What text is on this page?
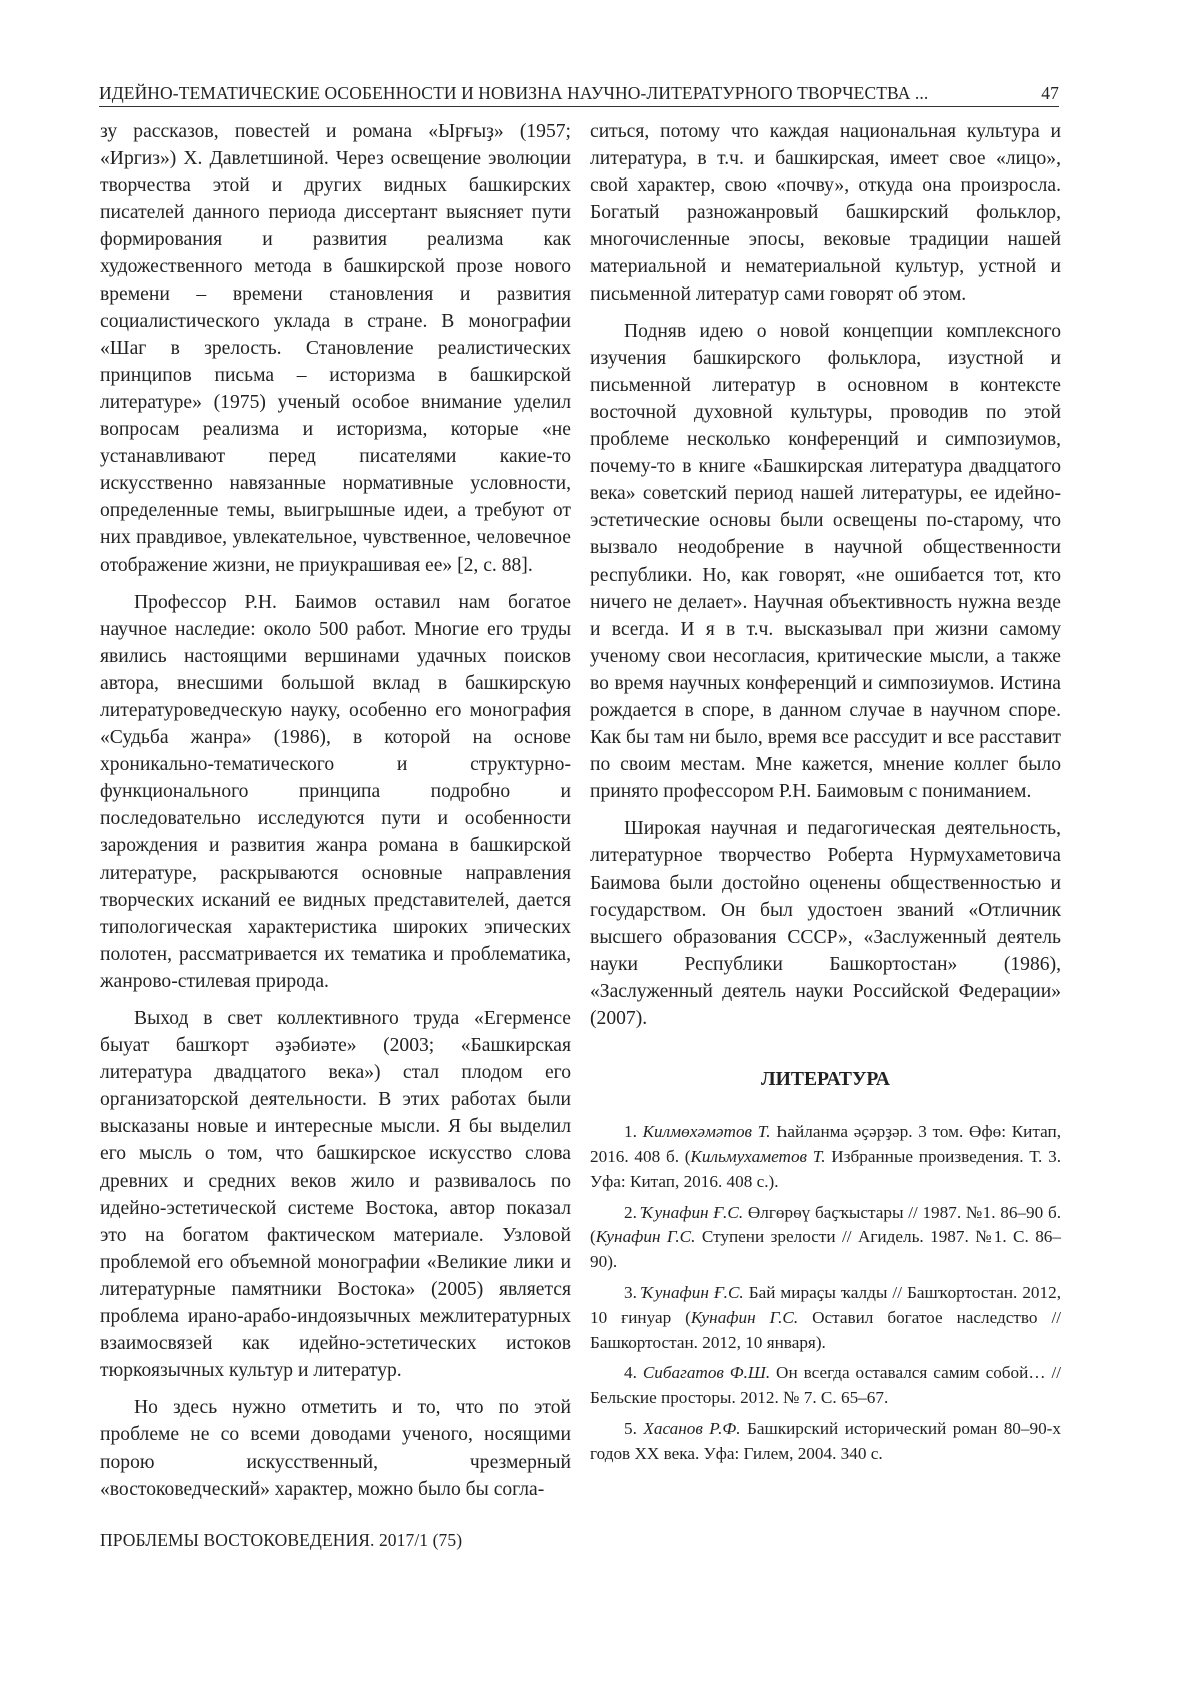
ИДЕЙНО-ТЕМАТИЧЕСКИЕ ОСОБЕННОСТИ И НОВИЗНА НАУЧНО-ЛИТЕРАТУРНОГО ТВОРЧЕСТВА ...	47

зу рассказов, повестей и романа «Ырғыҙ» (1957; «Иргиз») Х. Давлетшиной. Через освещение эволюции творчества этой и других видных башкирских писателей данного периода диссертант выясняет пути формирования и развития реализма как художественного метода в башкирской прозе нового времени – времени становления и развития социалистического уклада в стране. В монографии «Шаг в зрелость. Становление реалистических принципов письма – историзма в башкирской литературе» (1975) ученый особое внимание уделил вопросам реализма и историзма, которые «не устанавливают перед писателями какие-то искусственно навязанные нормативные условности, определенные темы, выигрышные идеи, а требуют от них правдивое, увлекательное, чувственное, человечное отображение жизни, не приукрашивая ее» [2, с. 88].

Профессор Р.Н. Баимов оставил нам богатое научное наследие: около 500 работ. Многие его труды явились настоящими вершинами удачных поисков автора, внесшими большой вклад в башкирскую литературоведческую науку, особенно его монография «Судьба жанра» (1986), в которой на основе хроникально-тематического и структурно-функционального принципа подробно и последовательно исследуются пути и особенности зарождения и развития жанра романа в башкирской литературе, раскрываются основные направления творческих исканий ее видных представителей, дается типологическая характеристика широких эпических полотен, рассматривается их тематика и проблематика, жанрово-стилевая природа.

Выход в свет коллективного труда «Егерменсе быуат башҡорт әҙәбиәте» (2003; «Башкирская литература двадцатого века») стал плодом его организаторской деятельности. В этих работах были высказаны новые и интересные мысли. Я бы выделил его мысль о том, что башкирское искусство слова древних и средних веков жило и развивалось по идейно-эстетической системе Востока, автор показал это на богатом фактическом материале. Узловой проблемой его объемной монографии «Великие лики и литературные памятники Востока» (2005) является проблема ирано-арабо-индоязычных межлитературных взаимосвязей как идейно-эстетических истоков тюркоязычных культур и литератур.

Но здесь нужно отметить и то, что по этой проблеме не со всеми доводами ученого, носящими порою искусственный, чрезмерный «востоковедческий» характер, можно было бы согла-

ситься, потому что каждая национальная культура и литература, в т.ч. и башкирская, имеет свое «лицо», свой характер, свою «почву», откуда она произросла. Богатый разножанровый башкирский фольклор, многочисленные эпосы, вековые традиции нашей материальной и нематериальной культур, устной и письменной литератур сами говорят об этом.

Подняв идею о новой концепции комплексного изучения башкирского фольклора, изустной и письменной литератур в основном в контексте восточной духовной культуры, проводив по этой проблеме несколько конференций и симпозиумов, почему-то в книге «Башкирская литература двадцатого века» советский период нашей литературы, ее идейно-эстетические основы были освещены по-старому, что вызвало неодобрение в научной общественности республики. Но, как говорят, «не ошибается тот, кто ничего не делает». Научная объективность нужна везде и всегда. И я в т.ч. высказывал при жизни самому ученому свои несогласия, критические мысли, а также во время научных конференций и симпозиумов. Истина рождается в споре, в данном случае в научном споре. Как бы там ни было, время все рассудит и все расставит по своим местам. Мне кажется, мнение коллег было принято профессором Р.Н. Баимовым с пониманием.

Широкая научная и педагогическая деятельность, литературное творчество Роберта Нурмухаметовича Баимова были достойно оценены общественностью и государством. Он был удостоен званий «Отличник высшего образования СССР», «Заслуженный деятель науки Республики Башкортостан» (1986), «Заслуженный деятель науки Российской Федерации» (2007).

ЛИТЕРАТУРА

1. Килмөхәмәтов Т. Һайланма әҫәрҙәр. 3 том. Өфө: Китап, 2016. 408 б. (Кильмухаметов Т. Избранные произведения. Т. 3. Уфа: Китап, 2016. 408 с.).

2. Ҡунафин Ғ.С. Өлгөрөү баҫҡыстары // 1987. №1. 86–90 б. (Кунафин Г.С. Ступени зрелости // Агидель. 1987. №1. С. 86–90).

3. Ҡунафин Ғ.С. Бай мираҫы ҡалды // Башҡортостан. 2012, 10 ғинуар (Кунафин Г.С. Оставил богатое наследство // Башкортостан. 2012, 10 января).

4. Сибагатов Ф.Ш. Он всегда оставался самим собой… // Бельские просторы. 2012. № 7. С. 65–67.

5. Хасанов Р.Ф. Башкирский исторический роман 80–90-х годов XX века. Уфа: Гилем, 2004. 340 с.

ПРОБЛЕМЫ ВОСТОКОВЕДЕНИЯ. 2017/1 (75)
